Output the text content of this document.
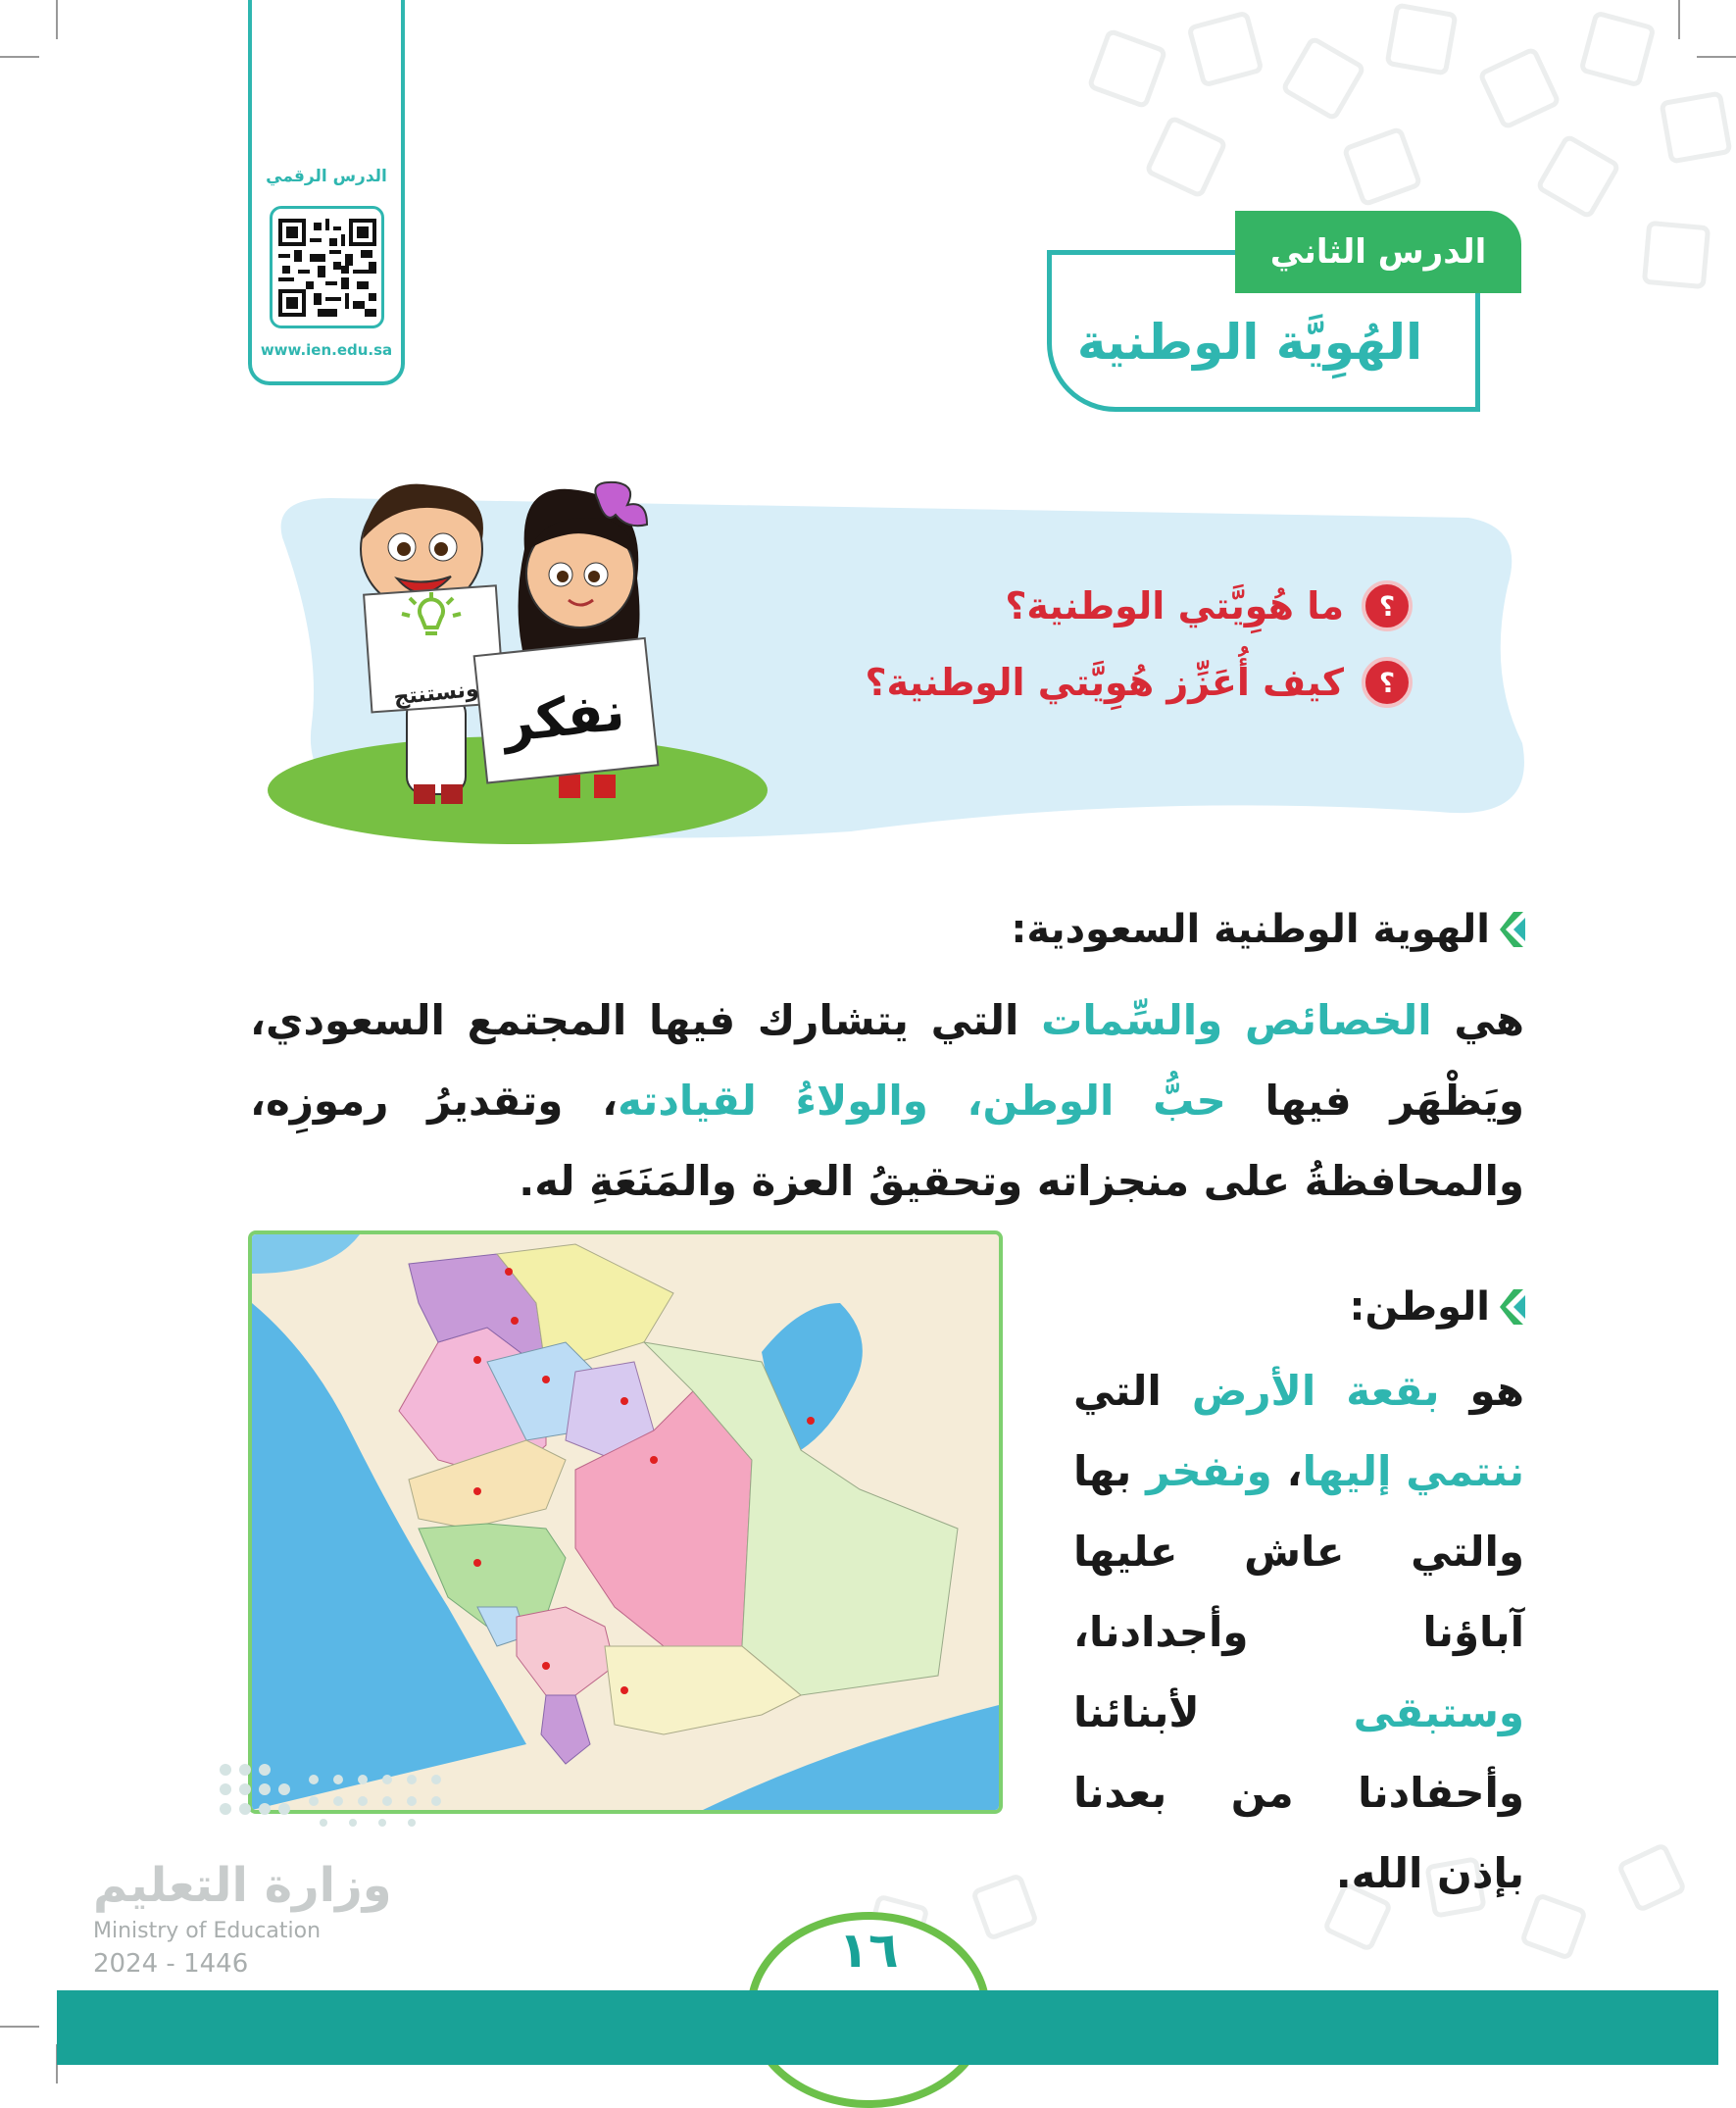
الدرس الرقمي
www.ien.edu.sa
الدرس الثاني
الهُوِيَّة الوطنية
ونستنتج نفكر
؟
ما هُوِيَّتي الوطنية؟
؟
كيف أُعَزِّز هُوِيَّتي الوطنية؟
الهوية الوطنية السعودية:
هي الخصائص والسِّمات التي يتشارك فيها المجتمع السعودي، ويَظْهَر فيها حبُّ الوطن، والولاءُ لقيادته، وتقديرُ رموزِه، والمحافظةُ على منجزاته وتحقيقُ العزة والمَنَعَةِ له.
الوطن:
هو بقعة الأرض التي ننتمي إليها، ونفخر بها والتي عاش عليها آباؤنا وأجدادنا، وستبقى لأبنائنا وأحفادنا من بعدنا بإذن الله.
وزارة التعليم
Ministry of Education
2024 - 1446	١٦
